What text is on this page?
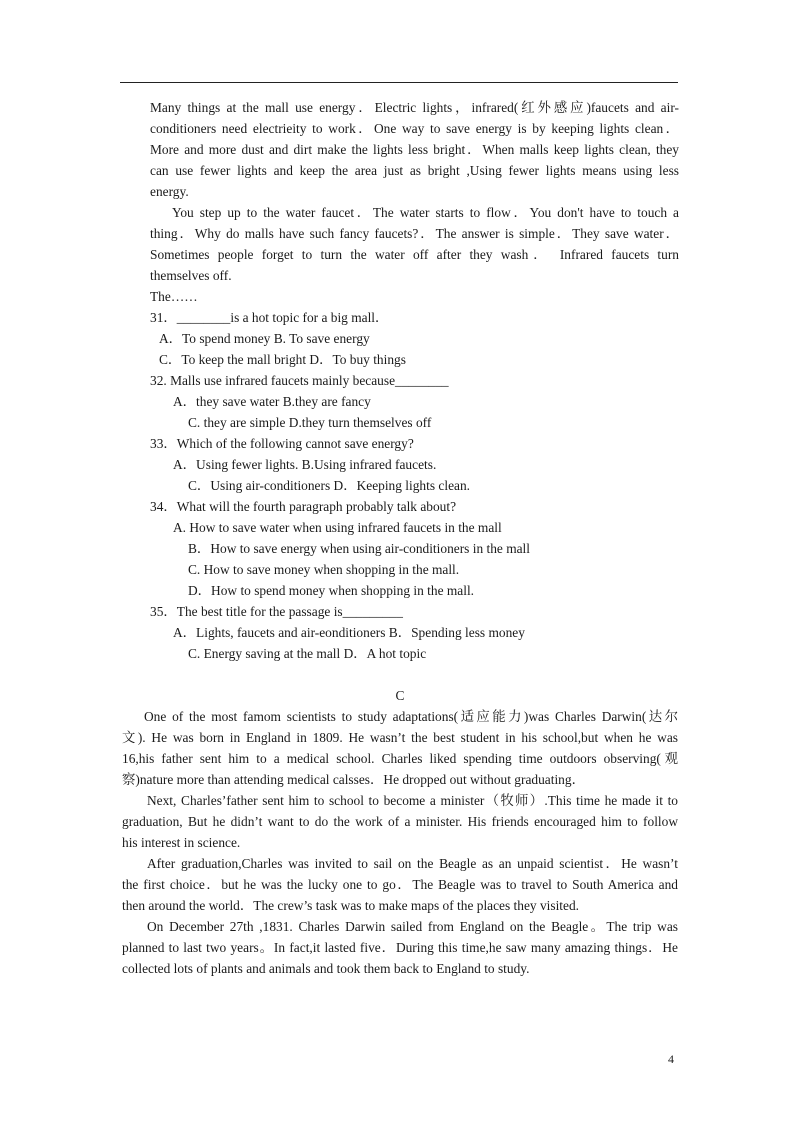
Many things at the mall use energy．Electric lights，infrared(红外感应)faucets and air-
conditioners need electrieity to work．One way to save energy is by keeping lights clean．
More and more dust and dirt make the lights less bright．When malls keep lights clean, they
can use fewer lights and keep the area just as bright ,Using fewer lights means using less
energy.
You step up to the water faucet．The water starts to flow．You don't have to touch a
thing．Why do malls have such fancy faucets?．The answer is simple．They save water．
Sometimes people forget to turn the water off after they wash． Infrared faucets turn
themselves off.
The……
31．________is a hot topic for a big mall．
A．To spend money B. To save energy
C．To keep the mall bright D．To buy things
32. Malls use infrared faucets mainly because________
A．they save water B.they are fancy
C. they are simple D.they turn themselves off
33．Which of the following cannot save energy?
A．Using fewer lights. B.Using infrared faucets.
C．Using air-conditioners D．Keeping lights clean.
34．What will the fourth paragraph probably talk about?
A. How to save water when using infrared faucets in the mall
B．How to save energy when using air-conditioners in the mall
C. How to save money when shopping in the mall.
D．How to spend money when shopping in the mall.
35．The best title for the passage is_________
A．Lights, faucets and air-eonditioners B．Spending less money
C. Energy saving at the mall D．A hot topic
C
One of the most famom scientists to study adaptations(适应能力)was Charles Darwin(达尔
文). He was born in England in 1809. He wasn’t the best student in his school,but when he was
16,his father sent him to a medical school. Charles liked spending time outdoors observing(观
察)nature more than attending medical calsses．He dropped out without graduating．
Next, Charles’father sent him to school to become a minister（牧师）.This time he made it to
graduation, But he didn’t want to do the work of a minister. His friends encouraged him to follow
his interest in science.
After graduation,Charles was invited to sail on the Beagle as an unpaid scientist．He wasn’t
the first choice．but he was the lucky one to go．The Beagle was to travel to South America and
then around the world．The crew’s task was to make maps of the places they visited.
On December 27th ,1831. Charles Darwin sailed from England on the Beagle。The trip was
planned to last two years。In fact,it lasted five．During this time,he saw many amazing things．He
collected lots of plants and animals and took them back to England to study.
4
